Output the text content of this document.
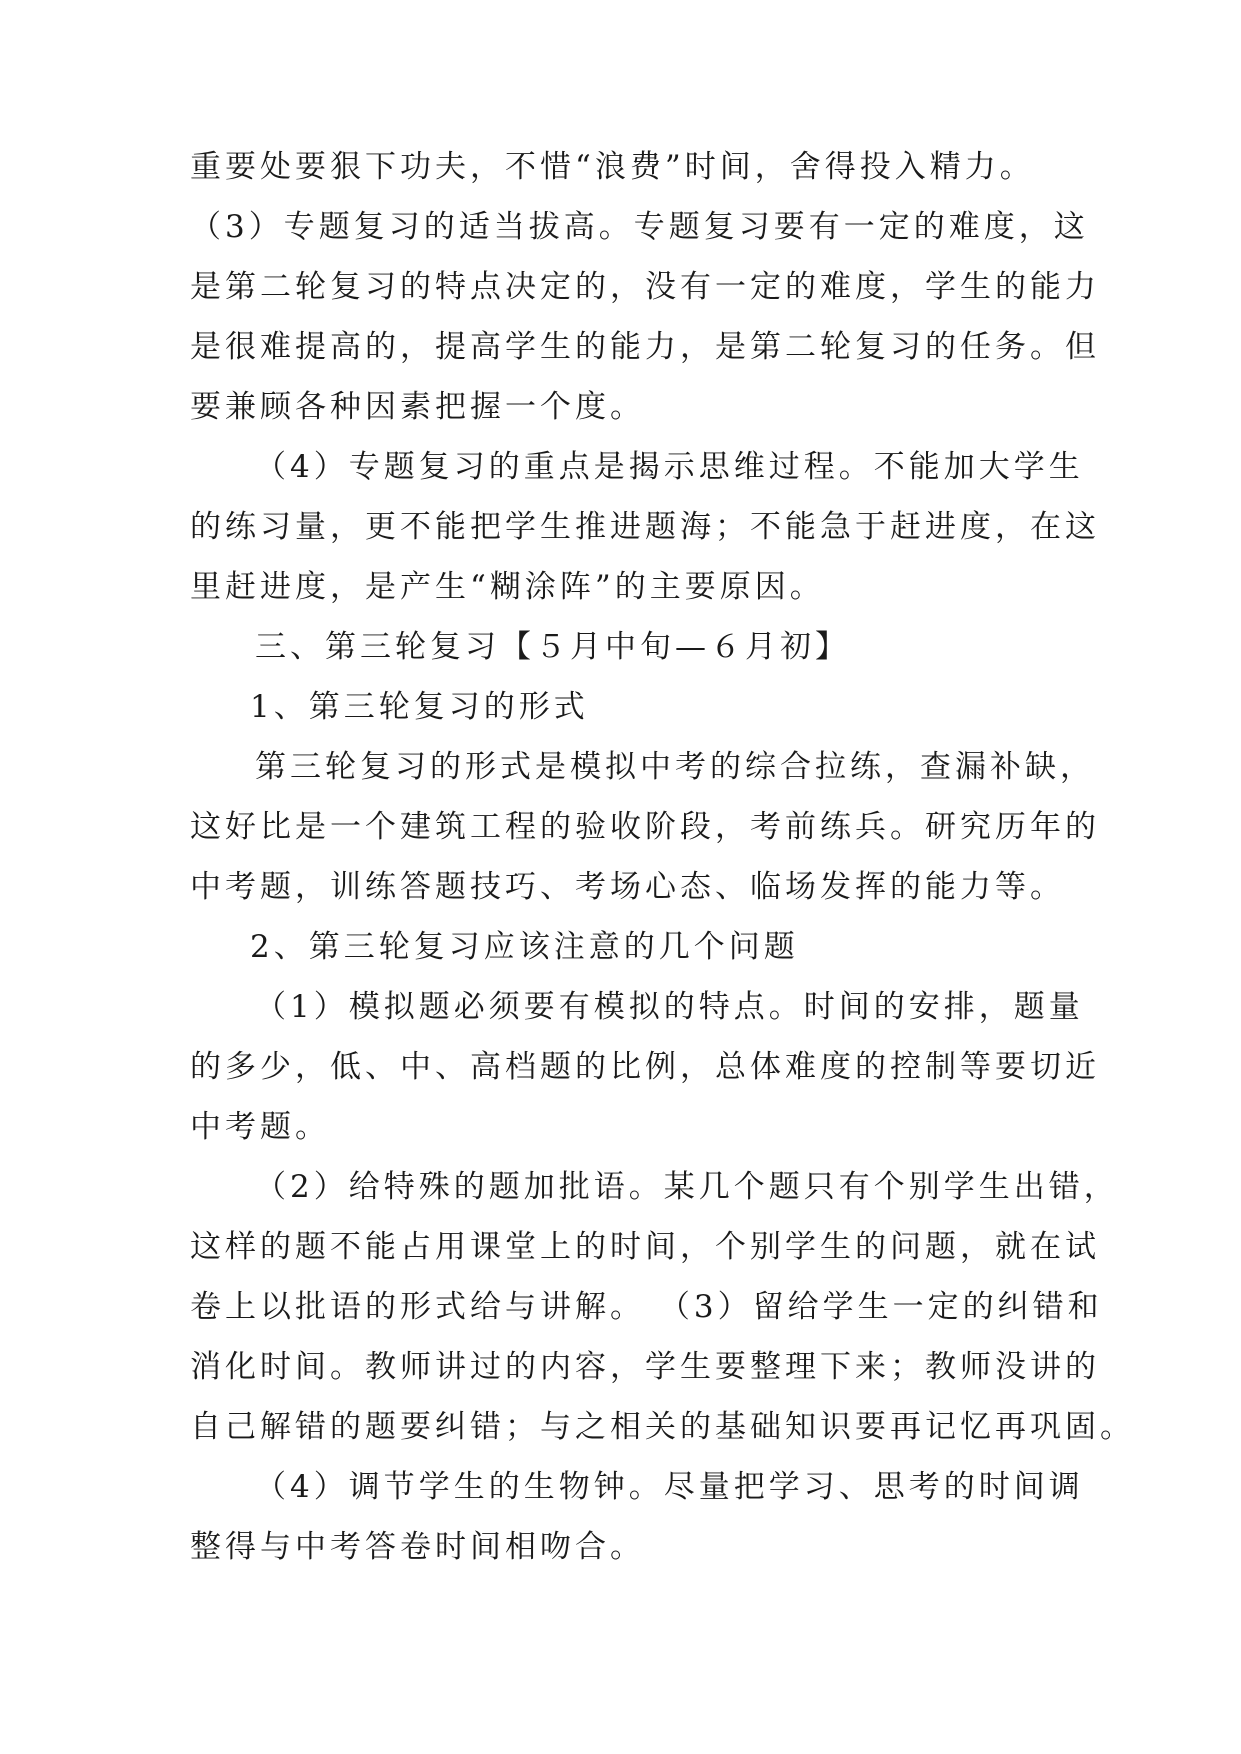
重要处要狠下功夫，不惜“浪费”时间，舍得投入精力。
（3）专题复习的适当拔高。专题复习要有一定的难度，这
是第二轮复习的特点决定的，没有一定的难度，学生的能力
是很难提高的，提高学生的能力，是第二轮复习的任务。但
要兼顾各种因素把握一个度。
（4）专题复习的重点是揭示思维过程。不能加大学生
的练习量，更不能把学生推进题海；不能急于赶进度，在这
里赶进度，是产生“糊涂阵”的主要原因。
三、第三轮复习【５月中旬—６月初】
1、第三轮复习的形式
第三轮复习的形式是模拟中考的综合拉练，查漏补缺，
这好比是一个建筑工程的验收阶段，考前练兵。研究历年的
中考题，训练答题技巧、考场心态、临场发挥的能力等。
2、第三轮复习应该注意的几个问题
（1）模拟题必须要有模拟的特点。时间的安排，题量
的多少，低、中、高档题的比例，总体难度的控制等要切近
中考题。
（2）给特殊的题加批语。某几个题只有个别学生出错，
这样的题不能占用课堂上的时间，个别学生的问题，就在试
卷上以批语的形式给与讲解。 （3）留给学生一定的纠错和
消化时间。教师讲过的内容，学生要整理下来；教师没讲的
自己解错的题要纠错；与之相关的基础知识要再记忆再巩固。
（4）调节学生的生物钟。尽量把学习、思考的时间调
整得与中考答卷时间相吻合。
